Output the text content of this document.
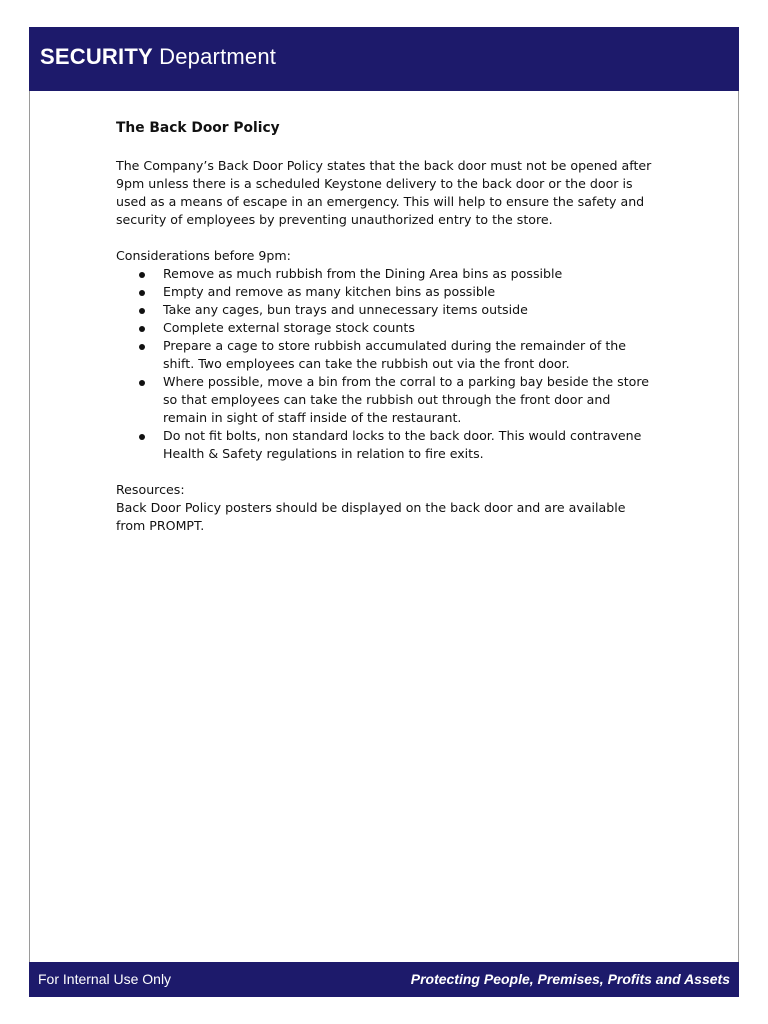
SECURITY Department
The Back Door Policy

The Company’s Back Door Policy states that the back door must not be opened after 9pm unless there is a scheduled Keystone delivery to the back door or the door is used as a means of escape in an emergency. This will help to ensure the safety and security of employees by preventing unauthorized entry to the store.

Considerations before 9pm:

Remove as much rubbish from the Dining Area bins as possible
Empty and remove as many kitchen bins as possible
Take any cages, bun trays and unnecessary items outside
Complete external storage stock counts
Prepare a cage to store rubbish accumulated during the remainder of the shift. Two employees can take the rubbish out via the front door.
Where possible, move a bin from the corral to a parking bay beside the store so that employees can take the rubbish out through the front door and remain in sight of staff inside of the restaurant.
Do not fit bolts, non standard locks to the back door. This would contravene Health & Safety regulations in relation to fire exits.

Resources:

Back Door Policy posters should be displayed on the back door and are available from PROMPT.

For Internal Use Only	Protecting People, Premises, Profits and Assets
